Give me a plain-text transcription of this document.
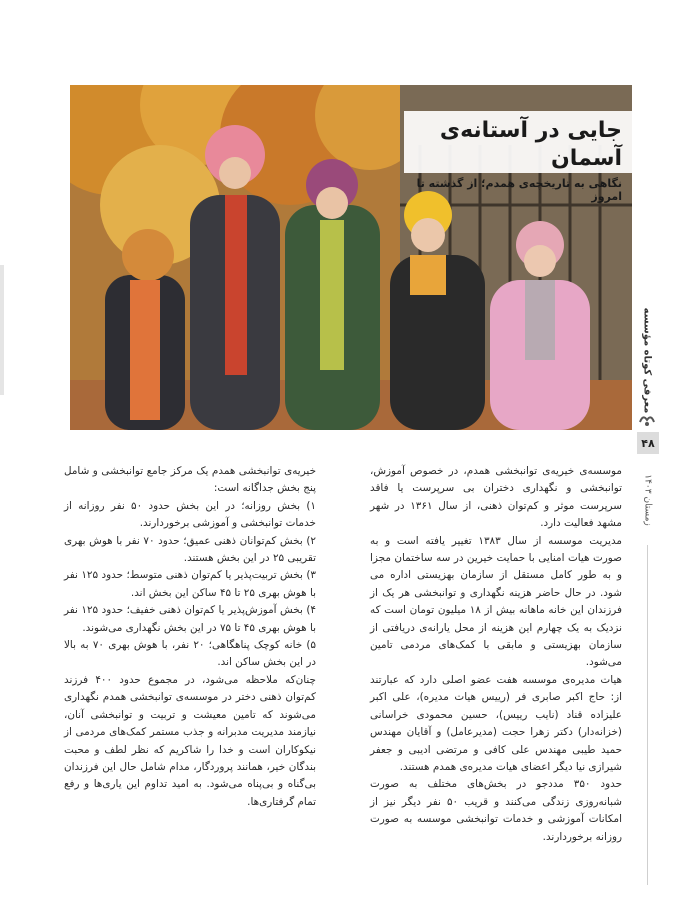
جایی در آستانه‌ی آسمان
نگاهی به تاریخچه‌ی همدم؛ از گذشته تا امروز
معرفی کوتاه مؤسسه
۴۸
زمستان ۱۴۰۳

موسسه‌ی خیریه‌ی توانبخشی همدم، در خصوص آموزش، توانبخشی و نگهداری دختران بی سرپرست یا فاقد سرپرست موثر و کم‌توان ذهنی، از سال ۱۳۶۱ در شهر مشهد فعالیت دارد.

مدیریت موسسه از سال ۱۳۸۳ تغییر یافته است و به صورت هیات امنایی با حمایت خیرین در سه ساختمان مجزا و به طور کامل مستقل از سازمان بهزیستی اداره می شود. در حال حاضر هزینه نگهداری و توانبخشی هر یک از فرزندان این خانه ماهانه بیش از ۱۸ میلیون تومان است که نزدیک به یک چهارم این هزینه از محل یارانه‌ی دریافتی از سازمان بهزیستی و مابقی با کمک‌های مردمی تامین می‌شود.

هیات مدیره‌ی موسسه هفت عضو اصلی دارد که عبارتند از: حاج اکبر صابری فر (رییس هیات مدیره)، علی اکبر علیزاده قناد (نایب رییس)، حسین محمودی خراسانی (خزانه‌دار) دکتر زهرا حجت (مدیرعامل) و آقایان مهندس حمید طیبی مهندس علی کافی و مرتضی ادیبی و جعفر شیرازی نیا دیگر اعضای هیات مدیره‌ی همدم هستند.

حدود ۳۵۰ مددجو در بخش‌های مختلف به صورت شبانه‌روزی زندگی می‌کنند و قریب ۵۰ نفر دیگر نیز از امکانات آموزشی و خدمات توانبخشی موسسه به صورت روزانه برخوردارند.

خیریه‌ی توانبخشی همدم یک مرکز جامع توانبخشی و شامل پنج بخش جداگانه است:

۱) بخش روزانه؛ در این بخش حدود ۵۰ نفر روزانه از خدمات توانبخشی و آموزشی برخوردارند.

۲) بخش کم‌توانان ذهنی عمیق؛ حدود ۷۰ نفر با هوش بهری تقریبی ۲۵ در این بخش هستند.

۳) بخش تربیت‌پذیر یا کم‌توان ذهنی متوسط؛ حدود ۱۲۵ نفر با هوش بهری ۲۵ تا ۴۵ ساکن این بخش اند.

۴) بخش آموزش‌پذیر یا کم‌توان ذهنی خفیف؛ حدود ۱۲۵ نفر با هوش بهری ۴۵ تا ۷۵ در این بخش نگهداری می‌شوند.

۵) خانه کوچک پناهگاهی؛ ۲۰ نفر، با هوش بهری ۷۰ به بالا در این بخش ساکن اند.

چنان‌که ملاحظه می‌شود، در مجموع حدود ۴۰۰ فرزند کم‌توان ذهنی دختر در موسسه‌ی توانبخشی همدم نگهداری می‌شوند که تامین معیشت و تربیت و توانبخشی آنان، نیازمند مدیریت مدبرانه و جذب مستمر کمک‌های مردمی از نیکوکاران است و خدا را شاکریم که نظر لطف و محبت بندگان خیر، همانند پروردگار، مدام شامل حال این فرزندان بی‌گناه و بی‌پناه می‌شود. به امید تداوم این یاری‌ها و رفع تمام گرفتاری‌ها.
